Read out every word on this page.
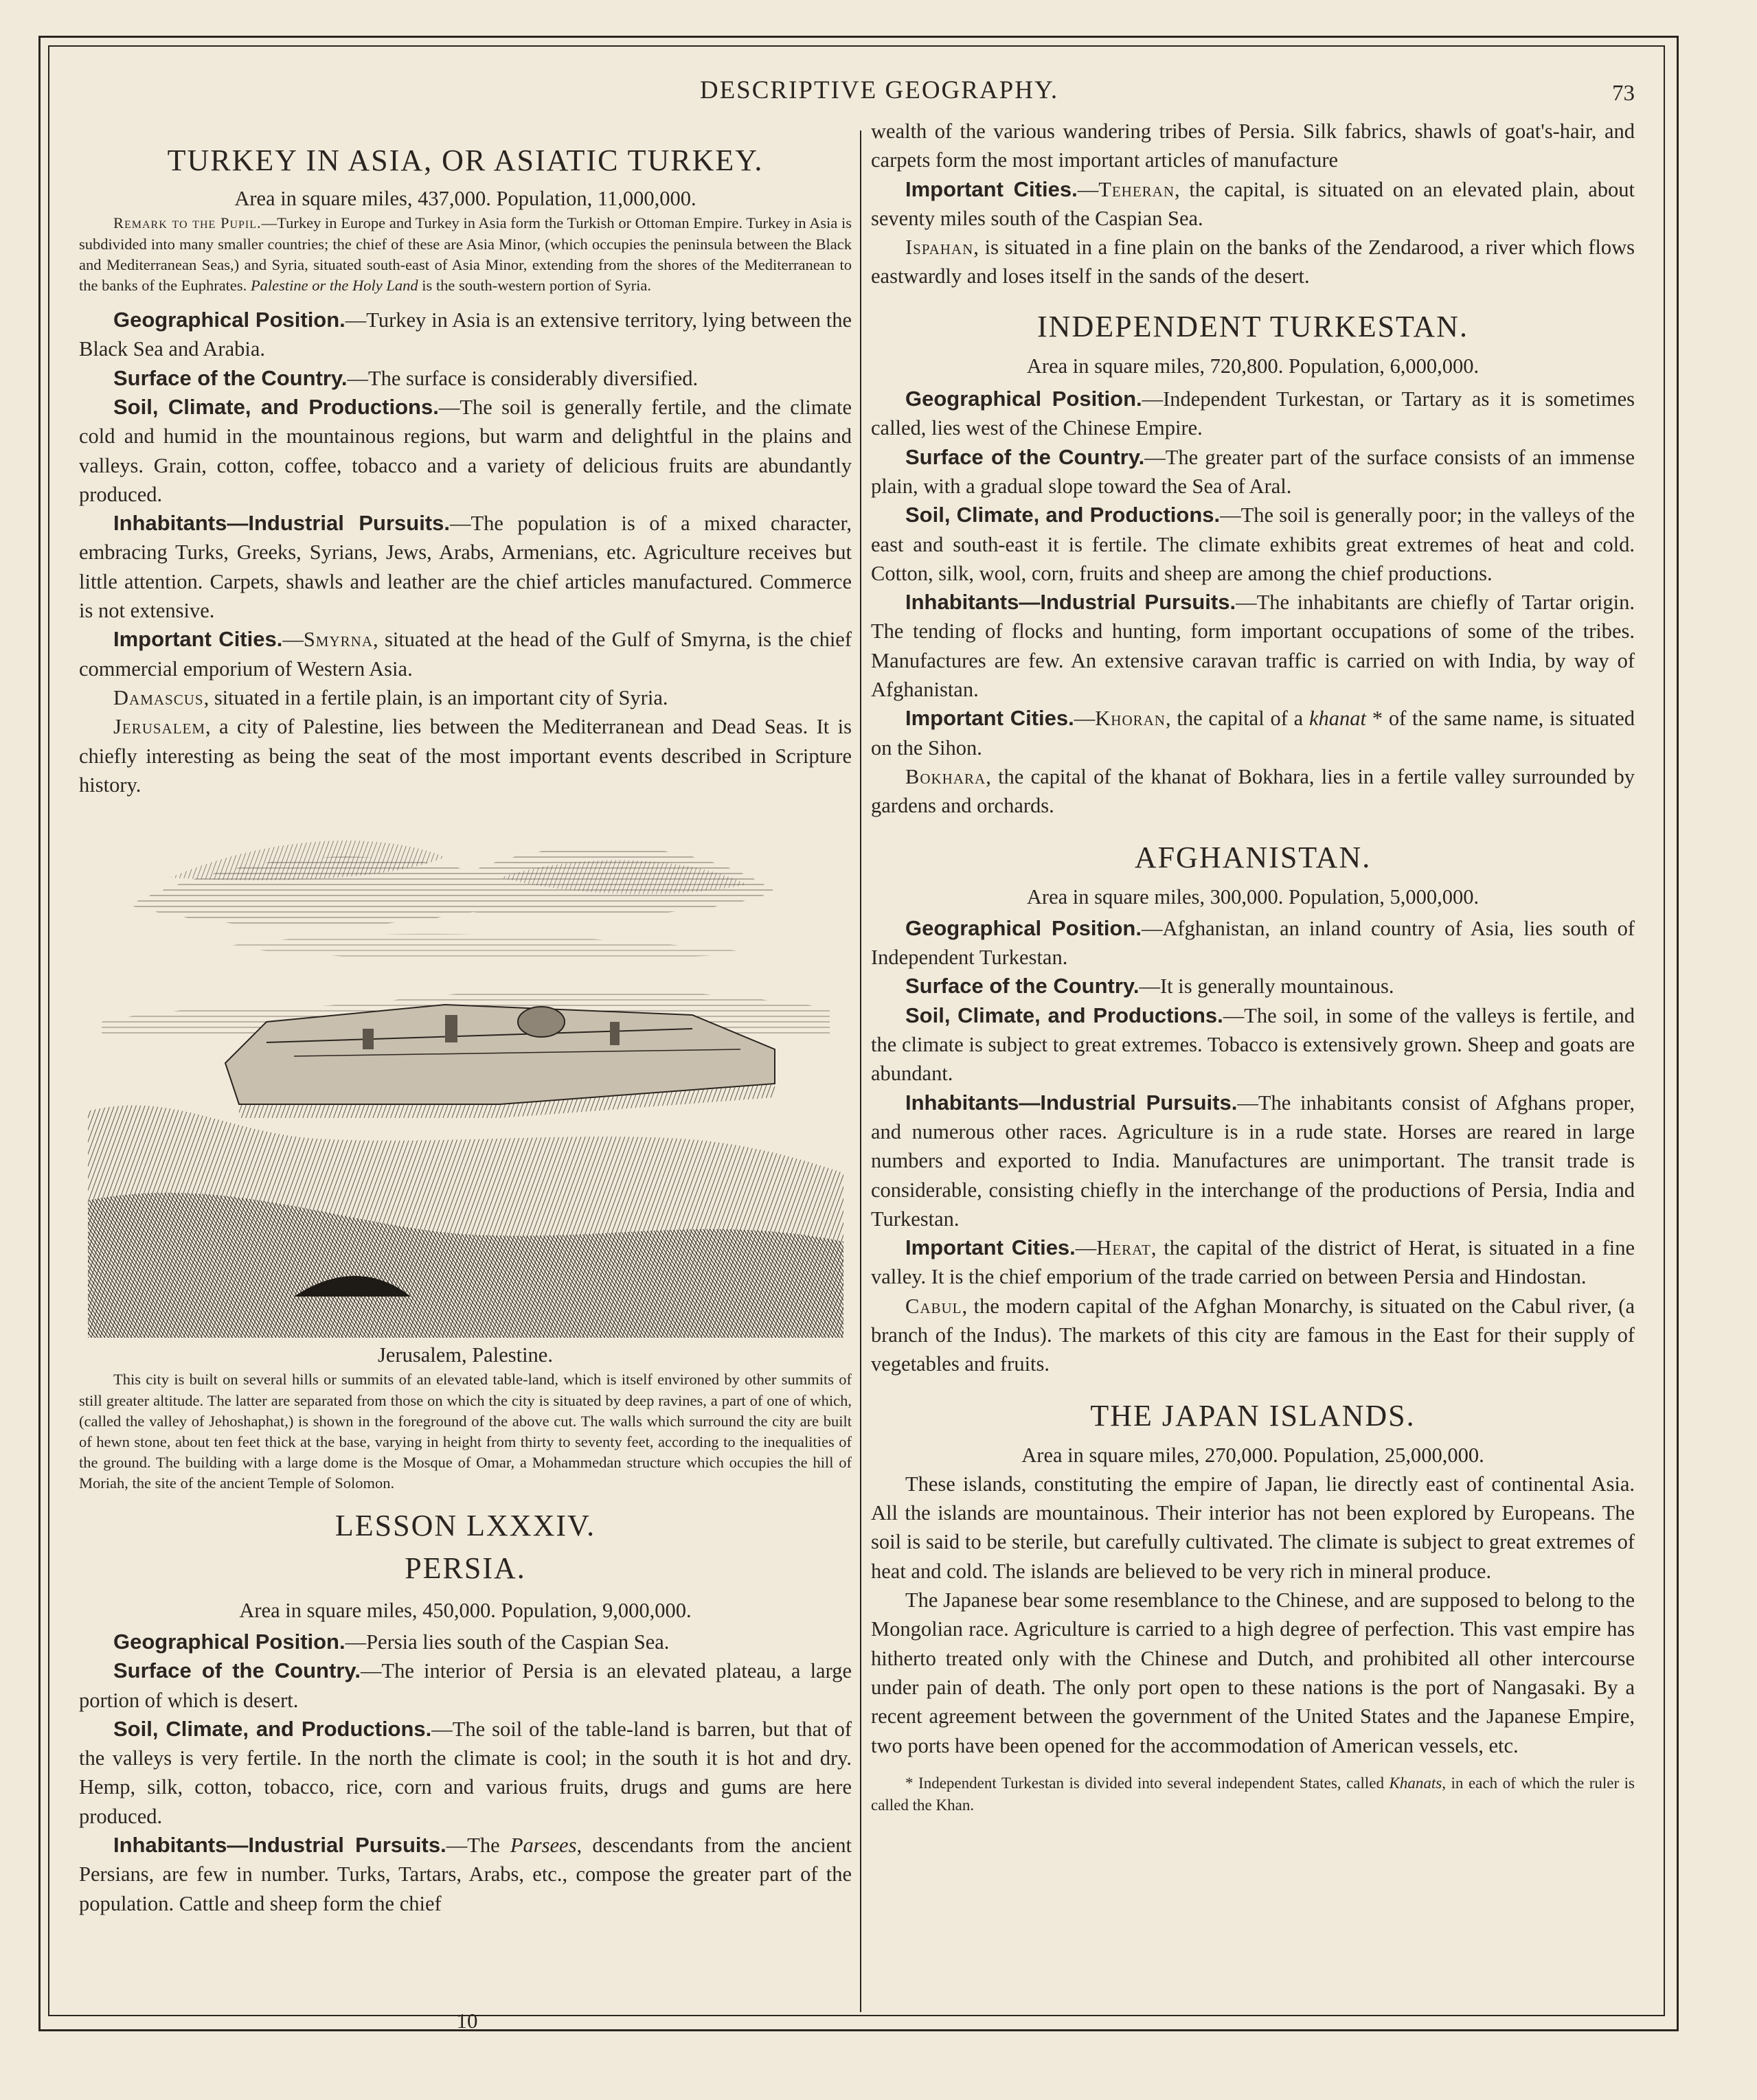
DESCRIPTIVE GEOGRAPHY.	73
10
TURKEY IN ASIA, OR ASIATIC TURKEY.

Area in square miles, 437,000. Population, 11,000,000.

Remark to the Pupil.—Turkey in Europe and Turkey in Asia form the Turkish or Ottoman Empire. Turkey in Asia is subdivided into many smaller countries; the chief of these are Asia Minor, (which occupies the peninsula between the Black and Mediterranean Seas,) and Syria, situated south-east of Asia Minor, extending from the shores of the Mediterranean to the banks of the Euphrates. Palestine or the Holy Land is the south-western portion of Syria.

Geographical Position.—Turkey in Asia is an extensive territory, lying between the Black Sea and Arabia.

Surface of the Country.—The surface is considerably diversified.

Soil, Climate, and Productions.—The soil is generally fertile, and the climate cold and humid in the mountainous regions, but warm and delightful in the plains and valleys. Grain, cotton, coffee, tobacco and a variety of delicious fruits are abundantly produced.

Inhabitants—Industrial Pursuits.—The population is of a mixed character, embracing Turks, Greeks, Syrians, Jews, Arabs, Armenians, etc. Agriculture receives but little attention. Carpets, shawls and leather are the chief articles manufactured. Commerce is not extensive.

Important Cities.—Smyrna, situated at the head of the Gulf of Smyrna, is the chief commercial emporium of Western Asia.

Damascus, situated in a fertile plain, is an important city of Syria.

Jerusalem, a city of Palestine, lies between the Mediterranean and Dead Seas. It is chiefly interesting as being the seat of the most important events described in Scripture history.

Jerusalem, Palestine.

This city is built on several hills or summits of an elevated table-land, which is itself environed by other summits of still greater altitude. The latter are separated from those on which the city is situated by deep ravines, a part of one of which, (called the valley of Jehoshaphat,) is shown in the foreground of the above cut. The walls which surround the city are built of hewn stone, about ten feet thick at the base, varying in height from thirty to seventy feet, according to the inequalities of the ground. The building with a large dome is the Mosque of Omar, a Mohammedan structure which occupies the hill of Moriah, the site of the ancient Temple of Solomon.

LESSON LXXXIV.
PERSIA.

Area in square miles, 450,000. Population, 9,000,000.

Geographical Position.—Persia lies south of the Caspian Sea.

Surface of the Country.—The interior of Persia is an elevated plateau, a large portion of which is desert.

Soil, Climate, and Productions.—The soil of the table-land is barren, but that of the valleys is very fertile. In the north the climate is cool; in the south it is hot and dry. Hemp, silk, cotton, tobacco, rice, corn and various fruits, drugs and gums are here produced.

Inhabitants—Industrial Pursuits.—The Parsees, descendants from the ancient Persians, are few in number. Turks, Tartars, Arabs, etc., compose the greater part of the population. Cattle and sheep form the chief

wealth of the various wandering tribes of Persia. Silk fabrics, shawls of goat's-hair, and carpets form the most important articles of manufacture

Important Cities.—Teheran, the capital, is situated on an elevated plain, about seventy miles south of the Caspian Sea.

Ispahan, is situated in a fine plain on the banks of the Zendarood, a river which flows eastwardly and loses itself in the sands of the desert.

INDEPENDENT TURKESTAN.

Area in square miles, 720,800. Population, 6,000,000.

Geographical Position.—Independent Turkestan, or Tartary as it is sometimes called, lies west of the Chinese Empire.

Surface of the Country.—The greater part of the surface consists of an immense plain, with a gradual slope toward the Sea of Aral.

Soil, Climate, and Productions.—The soil is generally poor; in the valleys of the east and south-east it is fertile. The climate exhibits great extremes of heat and cold. Cotton, silk, wool, corn, fruits and sheep are among the chief productions.

Inhabitants—Industrial Pursuits.—The inhabitants are chiefly of Tartar origin. The tending of flocks and hunting, form important occupations of some of the tribes. Manufactures are few. An extensive caravan traffic is carried on with India, by way of Afghanistan.

Important Cities.—Khoran, the capital of a khanat * of the same name, is situated on the Sihon.

Bokhara, the capital of the khanat of Bokhara, lies in a fertile valley surrounded by gardens and orchards.

AFGHANISTAN.

Area in square miles, 300,000. Population, 5,000,000.

Geographical Position.—Afghanistan, an inland country of Asia, lies south of Independent Turkestan.

Surface of the Country.—It is generally mountainous.

Soil, Climate, and Productions.—The soil, in some of the valleys is fertile, and the climate is subject to great extremes. Tobacco is extensively grown. Sheep and goats are abundant.

Inhabitants—Industrial Pursuits.—The inhabitants consist of Afghans proper, and numerous other races. Agriculture is in a rude state. Horses are reared in large numbers and exported to India. Manufactures are unimportant. The transit trade is considerable, consisting chiefly in the interchange of the productions of Persia, India and Turkestan.

Important Cities.—Herat, the capital of the district of Herat, is situated in a fine valley. It is the chief emporium of the trade carried on between Persia and Hindostan.

Cabul, the modern capital of the Afghan Monarchy, is situated on the Cabul river, (a branch of the Indus). The markets of this city are famous in the East for their supply of vegetables and fruits.

THE JAPAN ISLANDS.

Area in square miles, 270,000. Population, 25,000,000.

These islands, constituting the empire of Japan, lie directly east of continental Asia. All the islands are mountainous. Their interior has not been explored by Europeans. The soil is said to be sterile, but carefully cultivated. The climate is subject to great extremes of heat and cold. The islands are believed to be very rich in mineral produce.

The Japanese bear some resemblance to the Chinese, and are supposed to belong to the Mongolian race. Agriculture is carried to a high degree of perfection. This vast empire has hitherto treated only with the Chinese and Dutch, and prohibited all other intercourse under pain of death. The only port open to these nations is the port of Nangasaki. By a recent agreement between the government of the United States and the Japanese Empire, two ports have been opened for the accommodation of American vessels, etc.

* Independent Turkestan is divided into several independent States, called Khanats, in each of which the ruler is called the Khan.
